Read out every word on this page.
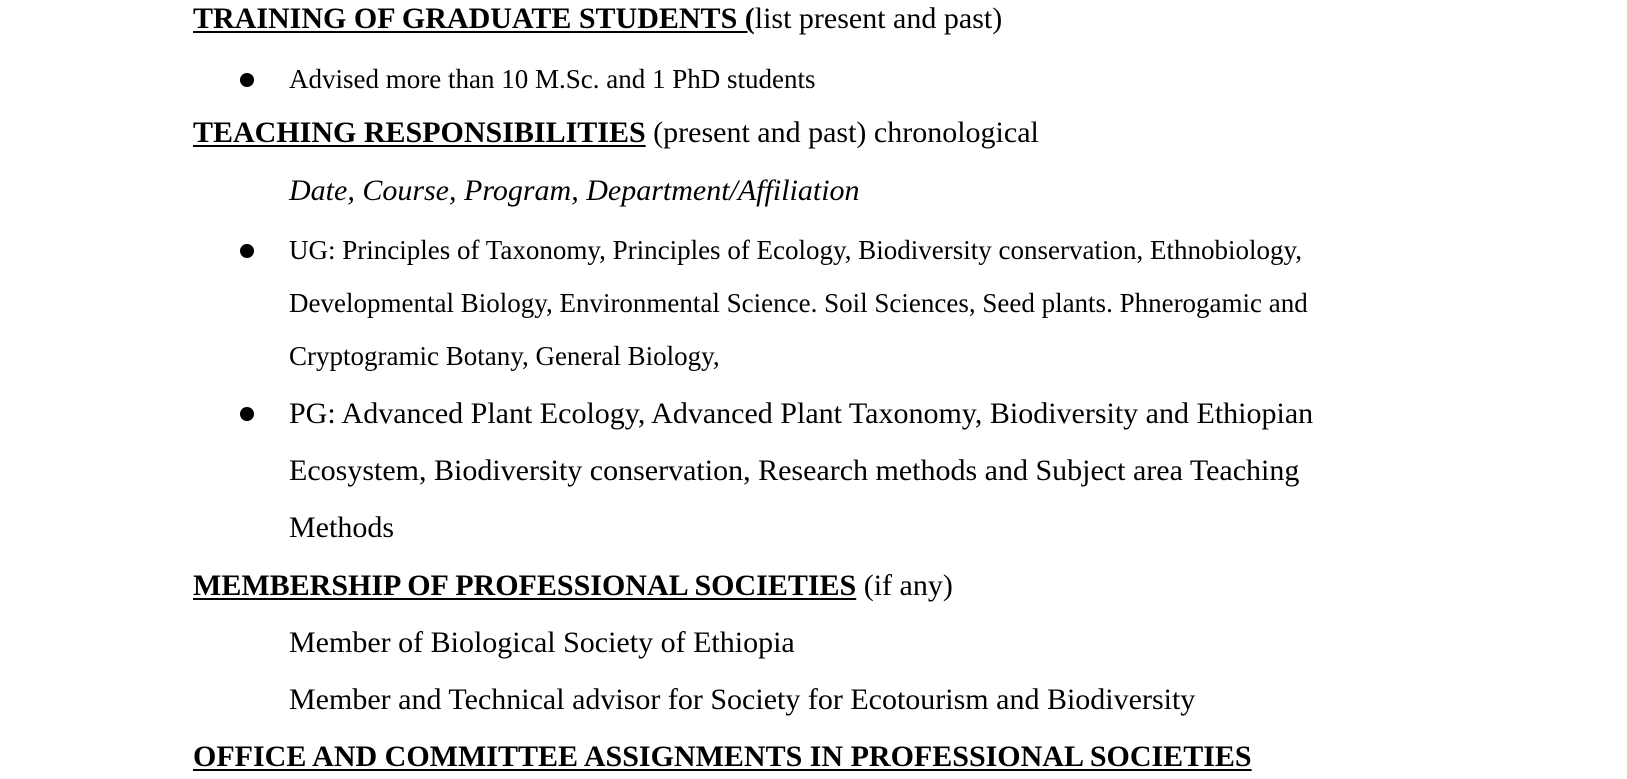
TRAINING OF GRADUATE STUDENTS (list present and past)
Advised more than 10 M.Sc. and 1 PhD students
TEACHING RESPONSIBILITIES (present and past) chronological
Date, Course, Program, Department/Affiliation
UG: Principles of Taxonomy, Principles of Ecology, Biodiversity conservation, Ethnobiology,
Developmental Biology, Environmental Science. Soil Sciences, Seed plants. Phnerogamic and
Cryptogramic Botany, General Biology,
PG: Advanced Plant Ecology, Advanced Plant Taxonomy, Biodiversity and Ethiopian
Ecosystem, Biodiversity conservation, Research methods and Subject area Teaching
Methods
MEMBERSHIP OF PROFESSIONAL SOCIETIES (if any)
Member of Biological Society of Ethiopia
Member and Technical advisor for Society for Ecotourism and Biodiversity
OFFICE AND COMMITTEE ASSIGNMENTS IN PROFESSIONAL SOCIETIES
